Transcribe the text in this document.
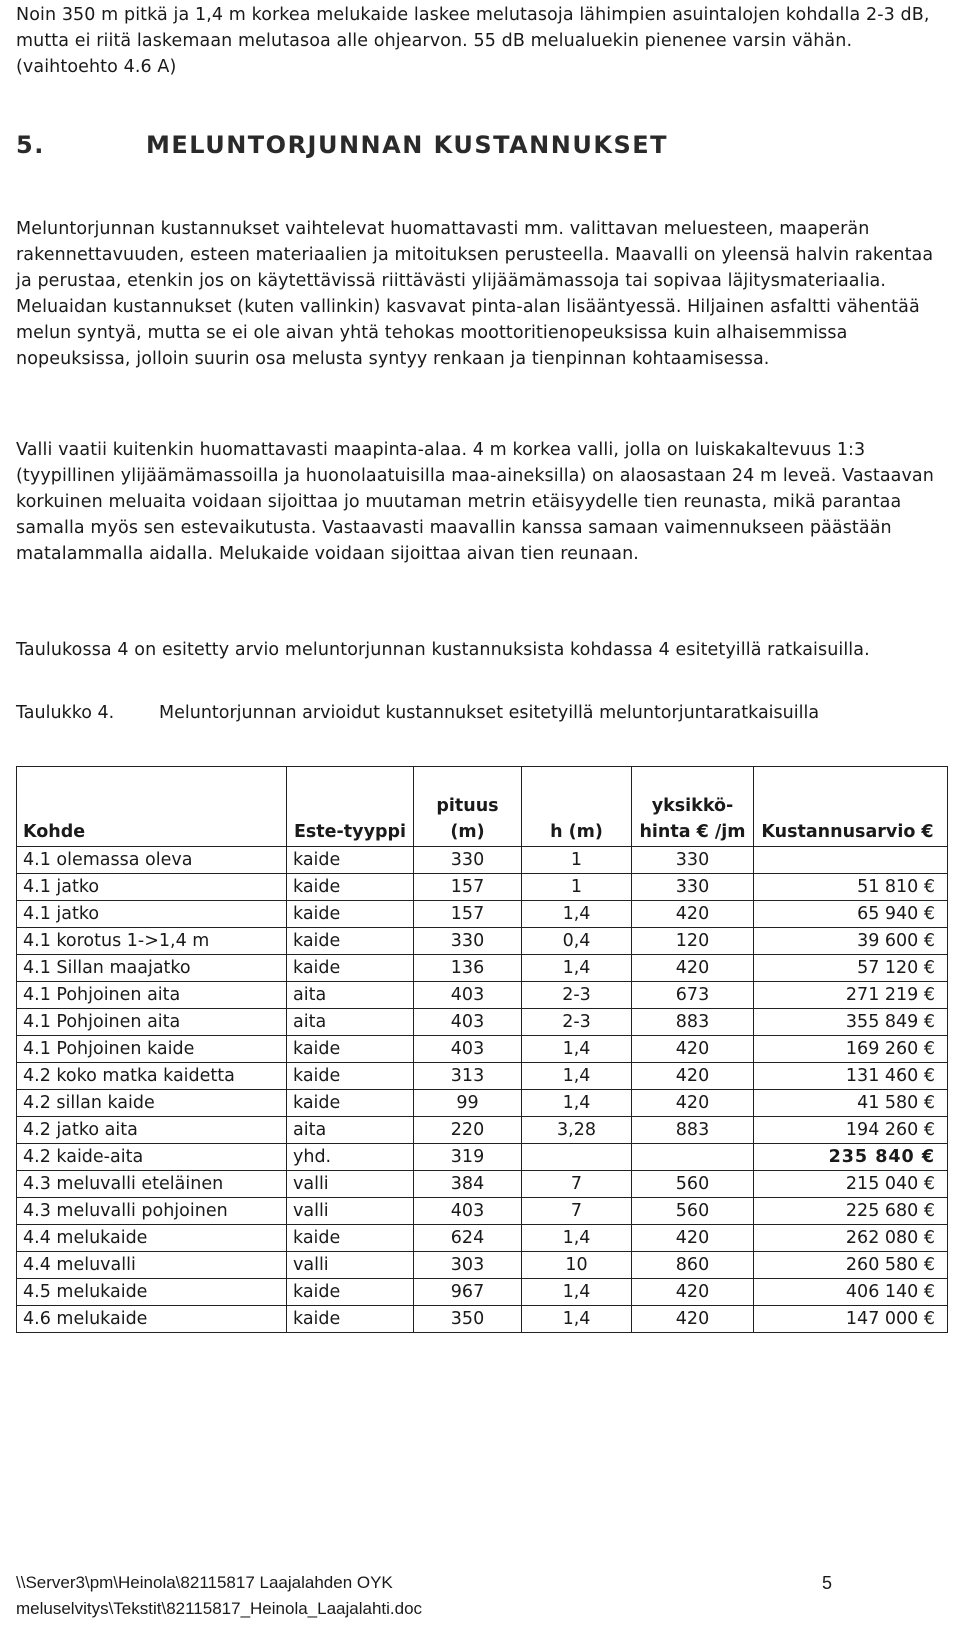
Noin 350 m pitkä ja 1,4 m korkea melukaide laskee melutasoja lähimpien asuintalojen kohdalla 2-3 dB, mutta ei riitä laskemaan melutasoa alle ohjearvon. 55 dB melualuekin pienenee varsin vähän. (vaihtoehto 4.6 A)

5.	MELUNTORJUNNAN KUSTANNUKSET

Meluntorjunnan kustannukset vaihtelevat huomattavasti mm. valittavan meluesteen, maaperän rakennettavuuden, esteen materiaalien ja mitoituksen perusteella. Maavalli on yleensä halvin rakentaa ja perustaa, etenkin jos on käytettävissä riittävästi ylijäämämassoja tai sopivaa läjitysmateriaalia. Meluaidan kustannukset (kuten vallinkin) kasvavat pinta-alan lisääntyessä. Hiljainen asfaltti vähentää melun syntyä, mutta se ei ole aivan yhtä tehokas moottoritienopeuksissa kuin alhaisemmissa nopeuksissa, jolloin suurin osa melusta syntyy renkaan ja tienpinnan kohtaamisessa.

Valli vaatii kuitenkin huomattavasti maapinta-alaa. 4 m korkea valli, jolla on luiskakaltevuus 1:3 (tyypillinen ylijäämämassoilla ja huonolaatuisilla maa-aineksilla) on alaosastaan 24 m leveä. Vastaavan korkuinen meluaita voidaan sijoittaa jo muutaman metrin etäisyydelle tien reunasta, mikä parantaa samalla myös sen estevaikutusta. Vastaavasti maavallin kanssa samaan vaimennukseen päästään matalammalla aidalla. Melukaide voidaan sijoittaa aivan tien reunaan.

Taulukossa 4 on esitetty arvio meluntorjunnan kustannuksista kohdassa 4 esitetyillä ratkaisuilla.

Taulukko 4.	Meluntorjunnan arvioidut kustannukset esitetyillä meluntorjuntaratkaisuilla

Kohde	Este-tyyppi	pituus (m)	h (m)	yksikkö-hinta € /jm	Kustannusarvio €
4.1 olemassa oleva	kaide	330	1	330	
4.1 jatko	kaide	157	1	330	51 810 €
4.1 jatko	kaide	157	1,4	420	65 940 €
4.1 korotus 1->1,4 m	kaide	330	0,4	120	39 600 €
4.1 Sillan maajatko	kaide	136	1,4	420	57 120 €
4.1 Pohjoinen aita	aita	403	2-3	673	271 219 €
4.1 Pohjoinen aita	aita	403	2-3	883	355 849 €
4.1 Pohjoinen kaide	kaide	403	1,4	420	169 260 €
4.2 koko matka kaidetta	kaide	313	1,4	420	131 460 €
4.2 sillan kaide	kaide	99	1,4	420	41 580 €
4.2 jatko aita	aita	220	3,28	883	194 260 €
4.2 kaide-aita	yhd.	319			235 840 €
4.3 meluvalli eteläinen	valli	384	7	560	215 040 €
4.3 meluvalli pohjoinen	valli	403	7	560	225 680 €
4.4 melukaide	kaide	624	1,4	420	262 080 €
4.4 meluvalli	valli	303	10	860	260 580 €
4.5 melukaide	kaide	967	1,4	420	406 140 €
4.6 melukaide	kaide	350	1,4	420	147 000 €
\\Server3\pm\Heinola\82115817 Laajalahden OYK
meluselvitys\Tekstit\82115817_Heinola_Laajalahti.doc
5
